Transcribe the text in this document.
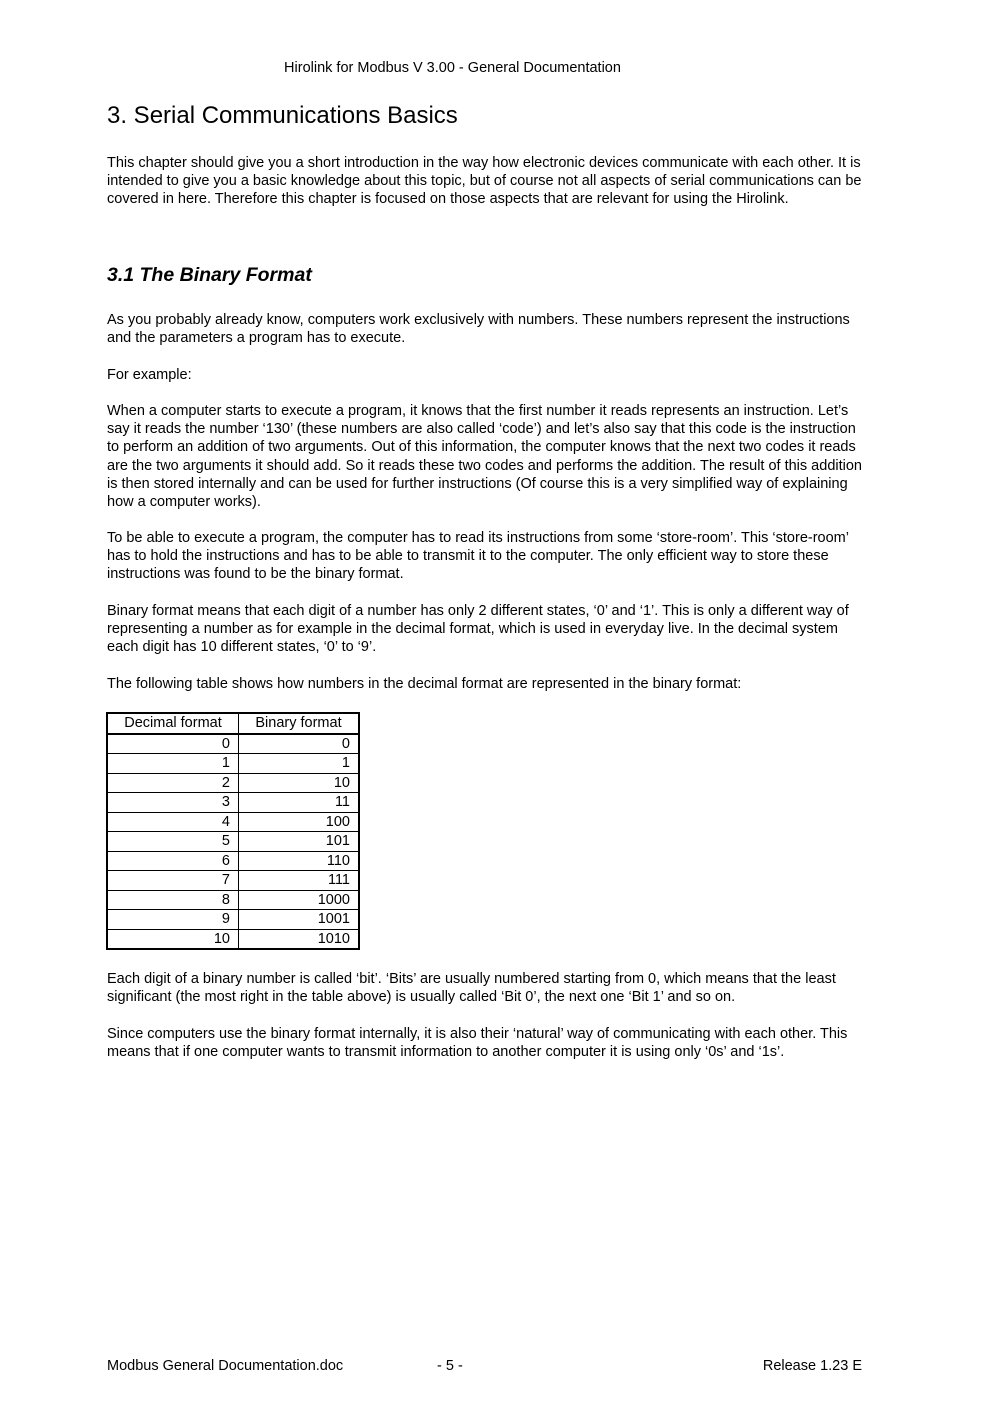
Hirolink for Modbus V 3.00 - General Documentation
3. Serial Communications Basics

This chapter should give you a short introduction in the way how electronic devices communicate with each other. It is intended to give you a basic knowledge about this topic, but of course not all aspects of serial communications can be covered in here. Therefore this chapter is focused on those aspects that are relevant for using the Hirolink.

3.1 The Binary Format

As you probably already know, computers work exclusively with numbers. These numbers represent the instructions and the parameters a program has to execute.

For example:

When a computer starts to execute a program, it knows that the first number it reads represents an instruction. Let’s say it reads the number ‘130’ (these numbers are also called ‘code’) and let’s also say that this code is the instruction to perform an addition of two arguments. Out of this information, the computer knows that the next two codes it reads are the two arguments it should add. So it reads these two codes and performs the addition. The result of this addition is then stored internally and can be used for further instructions (Of course this is a very simplified way of explaining how a computer works).

To be able to execute a program, the computer has to read its instructions from some ‘store-room’. This ‘store-room’ has to hold the instructions and has to be able to transmit it to the computer. The only efficient way to store these instructions was found to be the binary format.

Binary format means that each digit of a number has only 2 different states, ‘0’ and ‘1’. This is only a different way of representing a number as for example in the decimal format, which is used in everyday live. In the decimal system each digit has 10 different states, ‘0’ to ‘9’.

The following table shows how numbers in the decimal format are represented in the binary format:

Decimal format	Binary format
0	0
1	1
2	10
3	11
4	100
5	101
6	110
7	111
8	1000
9	1001
10	1010

Each digit of a binary number is called ‘bit’. ‘Bits’ are usually numbered starting from 0, which means that the least significant (the most right in the table above) is usually called ‘Bit 0’, the next one ‘Bit 1’ and so on.

Since computers use the binary format internally, it is also their ‘natural’ way of communicating with each other. This means that if one computer wants to transmit information to another computer it is using only ‘0s’ and ‘1s’.

Modbus General Documentation.doc	- 5 -	Release 1.23 E
